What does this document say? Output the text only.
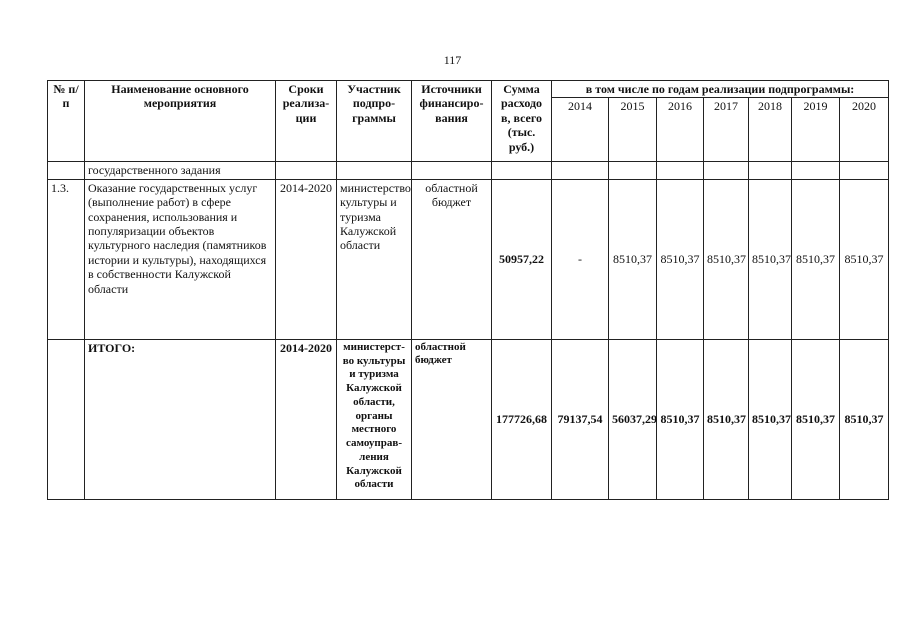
117
№ п/п	Наименование основного мероприятия	Сроки реализа-ции	Участник подпро-граммы	Источники финансиро-вания	Сумма расходо в, всего (тыс. руб.)	в том числе по годам реализации подпрограммы:						
						2014	2015	2016	2017	2018	2019	2020
	государственного задания											
1.3.	Оказание государственных услуг (выполнение работ) в сфере сохранения, использования и популяризации объектов культурного наследия (памятников истории и культуры), находящихся в собственности Калужской области	2014-2020	министерство культуры и туризма Калужской области	областной бюджет	50957,22	-	8510,37	8510,37	8510,37	8510,37	8510,37	8510,37
	ИТОГО:	2014-2020	министерст-во культуры и туризма Калужской области, органы местного самоуправ-ления Калужской области	областной бюджет	177726,68	79137,54	56037,29	8510,37	8510,37	8510,37	8510,37	8510,37
